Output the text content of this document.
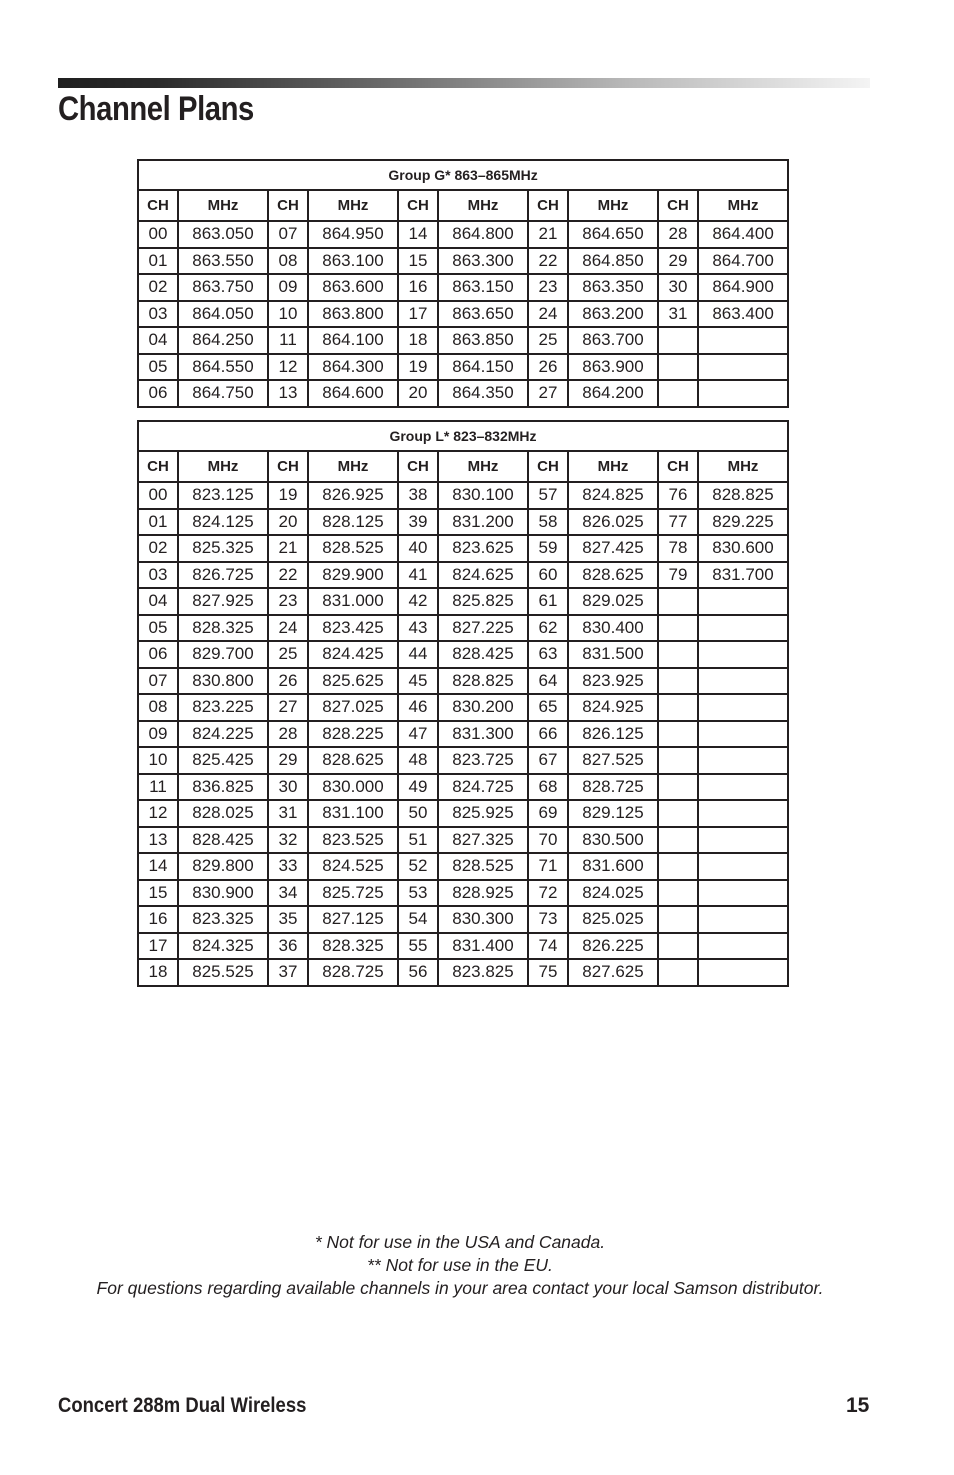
Channel Plans
Group G* 863–865MHz									
CH	MHz	CH	MHz	CH	MHz	CH	MHz	CH	MHz
00	863.050	07	864.950	14	864.800	21	864.650	28	864.400
01	863.550	08	863.100	15	863.300	22	864.850	29	864.700
02	863.750	09	863.600	16	863.150	23	863.350	30	864.900
03	864.050	10	863.800	17	863.650	24	863.200	31	863.400
04	864.250	11	864.100	18	863.850	25	863.700		
05	864.550	12	864.300	19	864.150	26	863.900		
06	864.750	13	864.600	20	864.350	27	864.200		
Group L* 823–832MHz									
CH	MHz	CH	MHz	CH	MHz	CH	MHz	CH	MHz
00	823.125	19	826.925	38	830.100	57	824.825	76	828.825
01	824.125	20	828.125	39	831.200	58	826.025	77	829.225
02	825.325	21	828.525	40	823.625	59	827.425	78	830.600
03	826.725	22	829.900	41	824.625	60	828.625	79	831.700
04	827.925	23	831.000	42	825.825	61	829.025		
05	828.325	24	823.425	43	827.225	62	830.400		
06	829.700	25	824.425	44	828.425	63	831.500		
07	830.800	26	825.625	45	828.825	64	823.925		
08	823.225	27	827.025	46	830.200	65	824.925		
09	824.225	28	828.225	47	831.300	66	826.125		
10	825.425	29	828.625	48	823.725	67	827.525		
11	836.825	30	830.000	49	824.725	68	828.725		
12	828.025	31	831.100	50	825.925	69	829.125		
13	828.425	32	823.525	51	827.325	70	830.500		
14	829.800	33	824.525	52	828.525	71	831.600		
15	830.900	34	825.725	53	828.925	72	824.025		
16	823.325	35	827.125	54	830.300	73	825.025		
17	824.325	36	828.325	55	831.400	74	826.225		
18	825.525	37	828.725	56	823.825	75	827.625		
* Not for use in the USA and Canada.
** Not for use in the EU.
For questions regarding available channels in your area contact your local Samson distributor.
Concert 288m Dual Wireless	15
